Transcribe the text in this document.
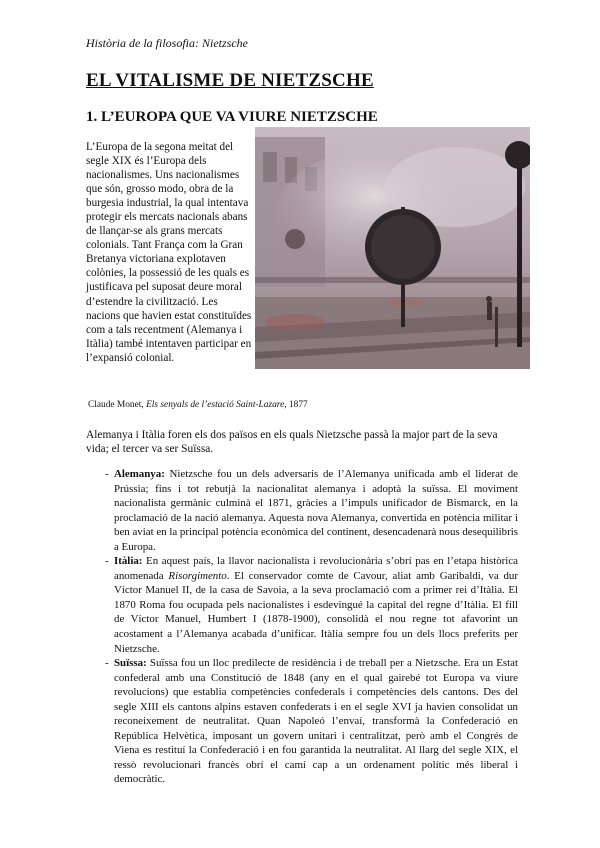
Història de la filosofia: Nietzsche
EL VITALISME DE NIETZSCHE
1. L’EUROPA QUE VA VIURE NIETZSCHE
L’Europa de la segona meitat del segle XIX és l’Europa dels nacionalismes. Uns nacionalismes que són, grosso modo, obra de la burgesia industrial, la qual intentava protegir els mercats nacionals abans de llançar-se als grans mercats colonials. Tant França com la Gran Bretanya victoriana explotaven colònies, la possessió de les quals es justificava pel suposat deure moral d’estendre la civilització. Les nacions que havien estat constituïdes com a tals recentment (Alemanya i Itàlia) també intentaven participar en l’expansió colonial.
Claude Monet, Els senyals de l’estació Saint-Lazare, 1877
Alemanya i Itàlia foren els dos països en els quals Nietzsche passà la major part de la seva vida; el tercer va ser Suïssa.
- Alemanya: Nietzsche fou un dels adversaris de l’Alemanya unificada amb el liderat de Prússia; fins i tot rebutjà la nacionalitat alemanya i adoptà la suïssa. El moviment nacionalista germànic culminà el 1871, gràcies a l’impuls unificador de Bismarck, en la proclamació de la nació alemanya. Aquesta nova Alemanya, convertida en potència militar i ben aviat en la principal potència econòmica del continent, desencadenarà nous desequilibris a Europa.
- Itàlia: En aquest país, la llavor nacionalista i revolucionària s’obrí pas en l’etapa històrica anomenada Risorgimento. El conservador comte de Cavour, aliat amb Garibaldi, va dur Víctor Manuel II, de la casa de Savoia, a la seva proclamació com a primer rei d’Itàlia. El 1870 Roma fou ocupada pels nacionalistes i esdevingué la capital del regne d’Itàlia. El fill de Víctor Manuel, Humbert I (1878-1900), consolidà el nou regne tot afavorint un acostament a l’Alemanya acabada d’unificar. Itàlia sempre fou un dels llocs preferits per Nietzsche.
- Suïssa: Suïssa fou un lloc predilecte de residència i de treball per a Nietzsche. Era un Estat confederal amb una Constitució de 1848 (any en el qual gairebé tot Europa va viure revolucions) que establia competències confederals i competències dels cantons. Des del segle XIII els cantons alpins estaven confederats i en el segle XVI ja havien consolidat un reconeixement de neutralitat. Quan Napoleó l’envaí, transformà la Confederació en República Helvètica, imposant un govern unitari i centralitzat, però amb el Congrés de Viena es restituí la Confederació i en fou garantida la neutralitat. Al llarg del segle XIX, el ressò revolucionari francès obrí el camí cap a un ordenament polític més liberal i democràtic.
